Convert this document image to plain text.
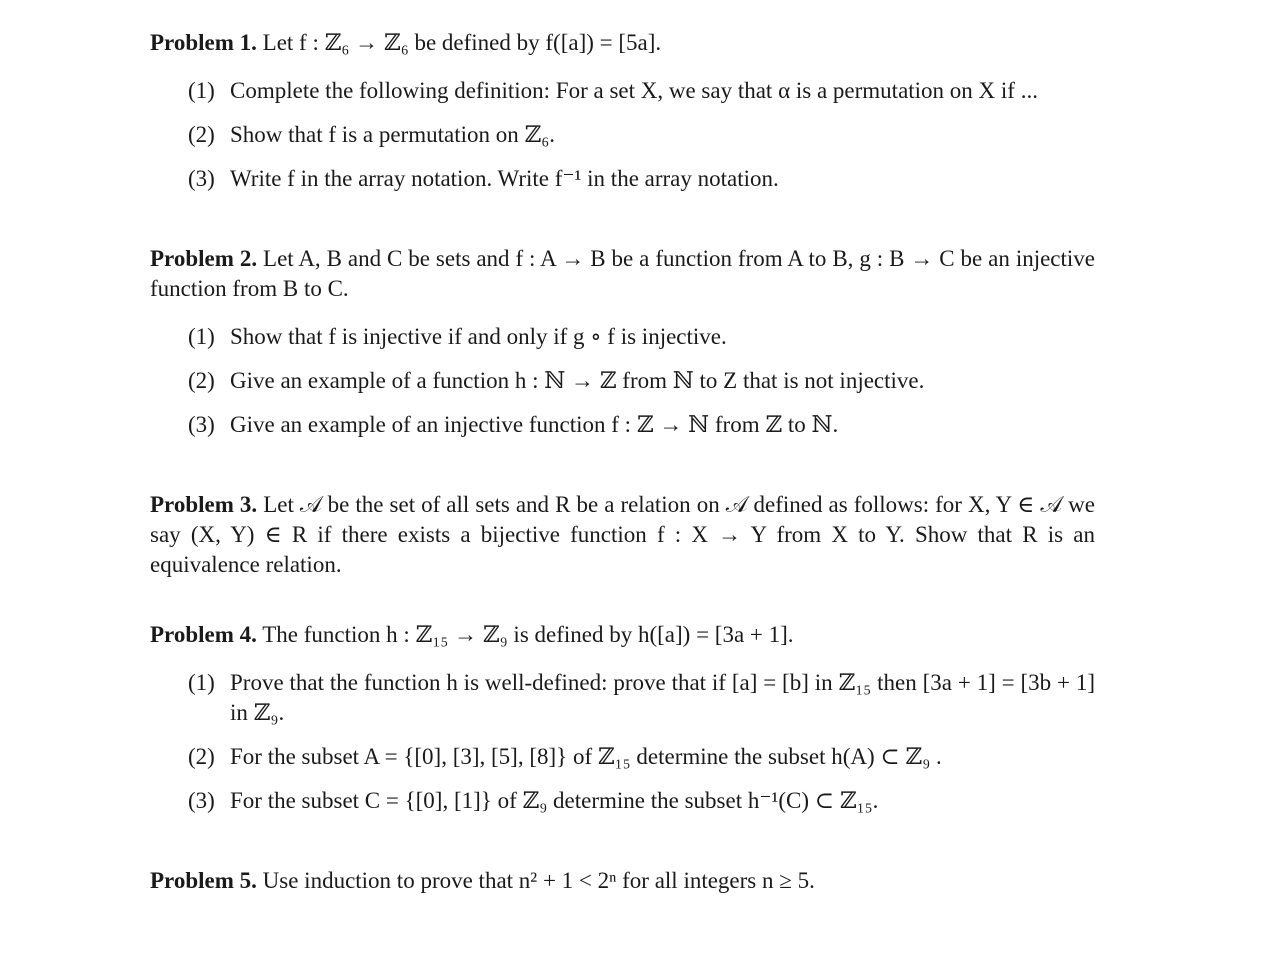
Problem 1. Let f : ℤ₆ → ℤ₆ be defined by f([a]) = [5a].

(1) Complete the following definition: For a set X, we say that α is a permutation on X if ...
(2) Show that f is a permutation on ℤ₆.
(3) Write f in the array notation. Write f⁻¹ in the array notation.

Problem 2. Let A, B and C be sets and f : A → B be a function from A to B, g : B → C be an injective function from B to C.

(1) Show that f is injective if and only if g ∘ f is injective.
(2) Give an example of a function h : ℕ → ℤ from ℕ to Z that is not injective.
(3) Give an example of an injective function f : ℤ → ℕ from ℤ to ℕ.

Problem 3. Let 𝒜 be the set of all sets and R be a relation on 𝒜 defined as follows: for X, Y ∈ 𝒜 we say (X, Y) ∈ R if there exists a bijective function f : X → Y from X to Y. Show that R is an equivalence relation.

Problem 4. The function h : ℤ₁₅ → ℤ₉ is defined by h([a]) = [3a + 1].

(1) Prove that the function h is well-defined: prove that if [a] = [b] in ℤ₁₅ then [3a + 1] = [3b + 1] in ℤ₉.
(2) For the subset A = {[0], [3], [5], [8]} of ℤ₁₅ determine the subset h(A) ⊂ ℤ₉ .
(3) For the subset C = {[0], [1]} of ℤ₉ determine the subset h⁻¹(C) ⊂ ℤ₁₅.

Problem 5. Use induction to prove that n² + 1 < 2ⁿ for all integers n ≥ 5.
